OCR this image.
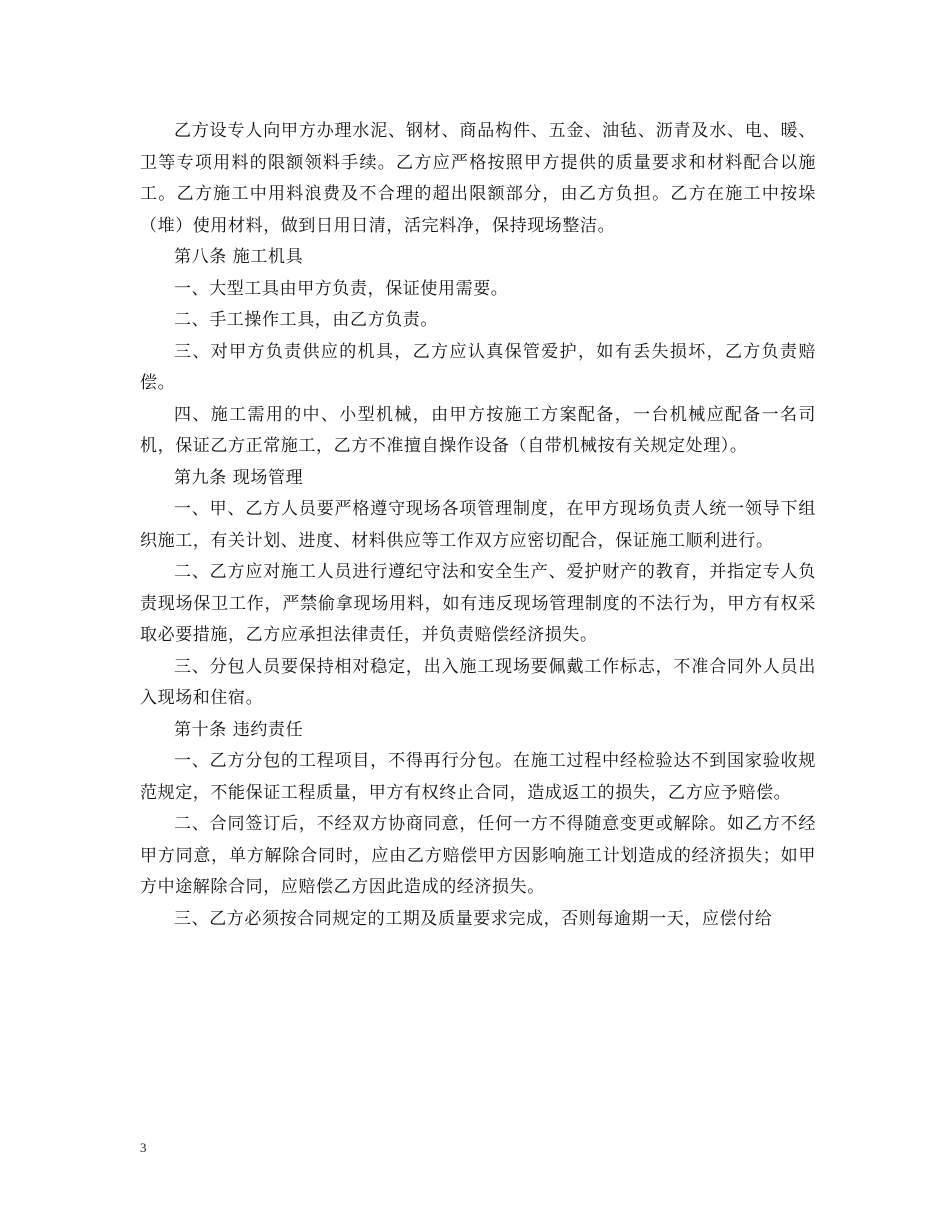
乙方设专人向甲方办理水泥、钢材、商品构件、五金、油毡、沥青及水、电、暖、卫等专项用料的限额领料手续。乙方应严格按照甲方提供的质量要求和材料配合以施工。乙方施工中用料浪费及不合理的超出限额部分，由乙方负担。乙方在施工中按垛（堆）使用材料，做到日用日清，活完料净，保持现场整洁。

第八条 施工机具

一、大型工具由甲方负责，保证使用需要。

二、手工操作工具，由乙方负责。

三、对甲方负责供应的机具，乙方应认真保管爱护，如有丢失损坏，乙方负责赔偿。

四、施工需用的中、小型机械，由甲方按施工方案配备，一台机械应配备一名司机，保证乙方正常施工，乙方不准擅自操作设备（自带机械按有关规定处理）。

第九条 现场管理

一、甲、乙方人员要严格遵守现场各项管理制度，在甲方现场负责人统一领导下组织施工，有关计划、进度、材料供应等工作双方应密切配合，保证施工顺利进行。

二、乙方应对施工人员进行遵纪守法和安全生产、爱护财产的教育，并指定专人负责现场保卫工作，严禁偷拿现场用料，如有违反现场管理制度的不法行为，甲方有权采取必要措施，乙方应承担法律责任，并负责赔偿经济损失。

三、分包人员要保持相对稳定，出入施工现场要佩戴工作标志，不准合同外人员出入现场和住宿。

第十条 违约责任

一、乙方分包的工程项目，不得再行分包。在施工过程中经检验达不到国家验收规范规定，不能保证工程质量，甲方有权终止合同，造成返工的损失，乙方应予赔偿。

二、合同签订后，不经双方协商同意，任何一方不得随意变更或解除。如乙方不经甲方同意，单方解除合同时，应由乙方赔偿甲方因影响施工计划造成的经济损失；如甲方中途解除合同，应赔偿乙方因此造成的经济损失。

三、乙方必须按合同规定的工期及质量要求完成，否则每逾期一天，应偿付给

3
